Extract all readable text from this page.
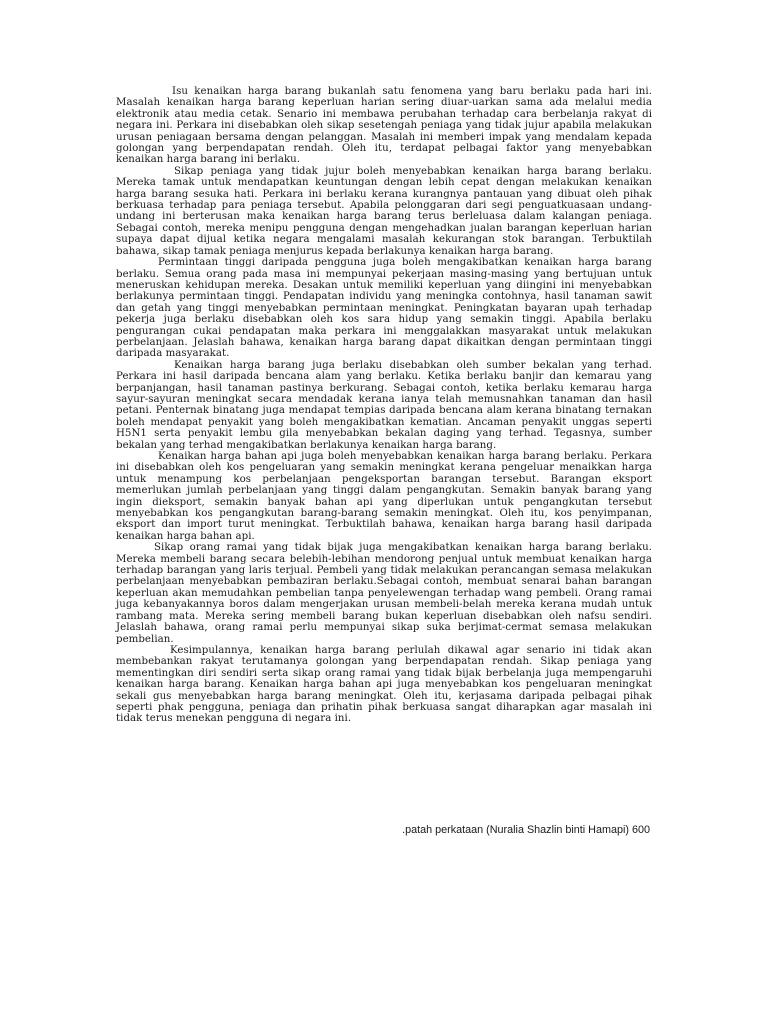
Isu kenaikan harga barang bukanlah satu fenomena yang baru berlaku pada hari ini. Masalah kenaikan harga barang keperluan harian sering diuar-uarkan sama ada melalui media elektronik atau media cetak. Senario ini membawa perubahan terhadap cara berbelanja rakyat di negara ini. Perkara ini disebabkan oleh sikap sesetengah peniaga yang tidak jujur apabila melakukan urusan peniagaan bersama dengan pelanggan. Masalah ini memberi impak yang mendalam kepada golongan yang berpendapatan rendah. Oleh itu, terdapat pelbagai faktor yang menyebabkan kenaikan harga barang ini berlaku.

Sikap peniaga yang tidak jujur boleh menyebabkan kenaikan harga barang berlaku. Mereka tamak untuk mendapatkan keuntungan dengan lebih cepat dengan melakukan kenaikan harga barang sesuka hati. Perkara ini berlaku kerana kurangnya pantauan yang dibuat oleh pihak berkuasa terhadap para peniaga tersebut. Apabila pelonggaran dari segi penguatkuasaan undang-undang ini berterusan maka kenaikan harga barang terus berleluasa dalam kalangan peniaga. Sebagai contoh, mereka menipu pengguna dengan mengehadkan jualan barangan keperluan harian supaya dapat dijual ketika negara mengalami masalah kekurangan stok barangan. Terbuktilah bahawa, sikap tamak peniaga menjurus kepada berlakunya kenaikan harga barang.

Permintaan tinggi daripada pengguna juga boleh mengakibatkan kenaikan harga barang berlaku. Semua orang pada masa ini mempunyai pekerjaan masing-masing yang bertujuan untuk meneruskan kehidupan mereka. Desakan untuk memiliki keperluan yang diingini ini menyebabkan berlakunya permintaan tinggi. Pendapatan individu yang meningka contohnya, hasil tanaman sawit dan getah yang tinggi menyebabkan permintaan meningkat. Peningkatan bayaran upah terhadap pekerja juga berlaku disebabkan oleh kos sara hidup yang semakin tinggi. Apabila berlaku pengurangan cukai pendapatan maka perkara ini menggalakkan masyarakat untuk melakukan perbelanjaan. Jelaslah bahawa, kenaikan harga barang dapat dikaitkan dengan permintaan tinggi daripada masyarakat.

Kenaikan harga barang juga berlaku disebabkan oleh sumber bekalan yang terhad. Perkara ini hasil daripada bencana alam yang berlaku. Ketika berlaku banjir dan kemarau yang berpanjangan, hasil tanaman pastinya berkurang. Sebagai contoh, ketika berlaku kemarau harga sayur-sayuran meningkat secara mendadak kerana ianya telah memusnahkan tanaman dan hasil petani. Penternak binatang juga mendapat tempias daripada bencana alam kerana binatang ternakan boleh mendapat penyakit yang boleh mengakibatkan kematian. Ancaman penyakit unggas seperti H5N1 serta penyakit lembu gila menyebabkan bekalan daging yang terhad. Tegasnya, sumber bekalan yang terhad mengakibatkan berlakunya kenaikan harga barang.

Kenaikan harga bahan api juga boleh menyebabkan kenaikan harga barang berlaku. Perkara ini disebabkan oleh kos pengeluaran yang semakin meningkat kerana pengeluar menaikkan harga untuk menampung kos perbelanjaan pengeksportan barangan tersebut. Barangan eksport memerlukan jumlah perbelanjaan yang tinggi dalam pengangkutan. Semakin banyak barang yang ingin dieksport, semakin banyak bahan api yang diperlukan untuk pengangkutan tersebut menyebabkan kos pengangkutan barang-barang semakin meningkat. Oleh itu, kos penyimpanan, eksport dan import turut meningkat. Terbuktilah bahawa, kenaikan harga barang hasil daripada kenaikan harga bahan api.

Sikap orang ramai yang tidak bijak juga mengakibatkan kenaikan harga barang berlaku. Mereka membeli barang secara belebih-lebihan mendorong penjual untuk membuat kenaikan harga terhadap barangan yang laris terjual. Pembeli yang tidak melakukan perancangan semasa melakukan perbelanjaan menyebabkan pembaziran berlaku.Sebagai contoh, membuat senarai bahan barangan keperluan akan memudahkan pembelian tanpa penyelewengan terhadap wang pembeli. Orang ramai juga kebanyakannya boros dalam mengerjakan urusan membeli-belah mereka kerana mudah untuk rambang mata. Mereka sering membeli barang bukan keperluan disebabkan oleh nafsu sendiri. Jelaslah bahawa, orang ramai perlu mempunyai sikap suka berjimat-cermat semasa melakukan pembelian.

Kesimpulannya, kenaikan harga barang perlulah dikawal agar senario ini tidak akan membebankan rakyat terutamanya golongan yang berpendapatan rendah. Sikap peniaga yang mementingkan diri sendiri serta sikap orang ramai yang tidak bijak berbelanja juga mempengaruhi kenaikan harga barang. Kenaikan harga bahan api juga menyebabkan kos pengeluaran meningkat sekali gus menyebabkan harga barang meningkat. Oleh itu, kerjasama daripada pelbagai pihak seperti phak pengguna, peniaga dan prihatin pihak berkuasa sangat diharapkan agar masalah ini tidak terus menekan pengguna di negara ini.

.patah perkataan (Nuralia Shazlin binti Hamapi) 600
